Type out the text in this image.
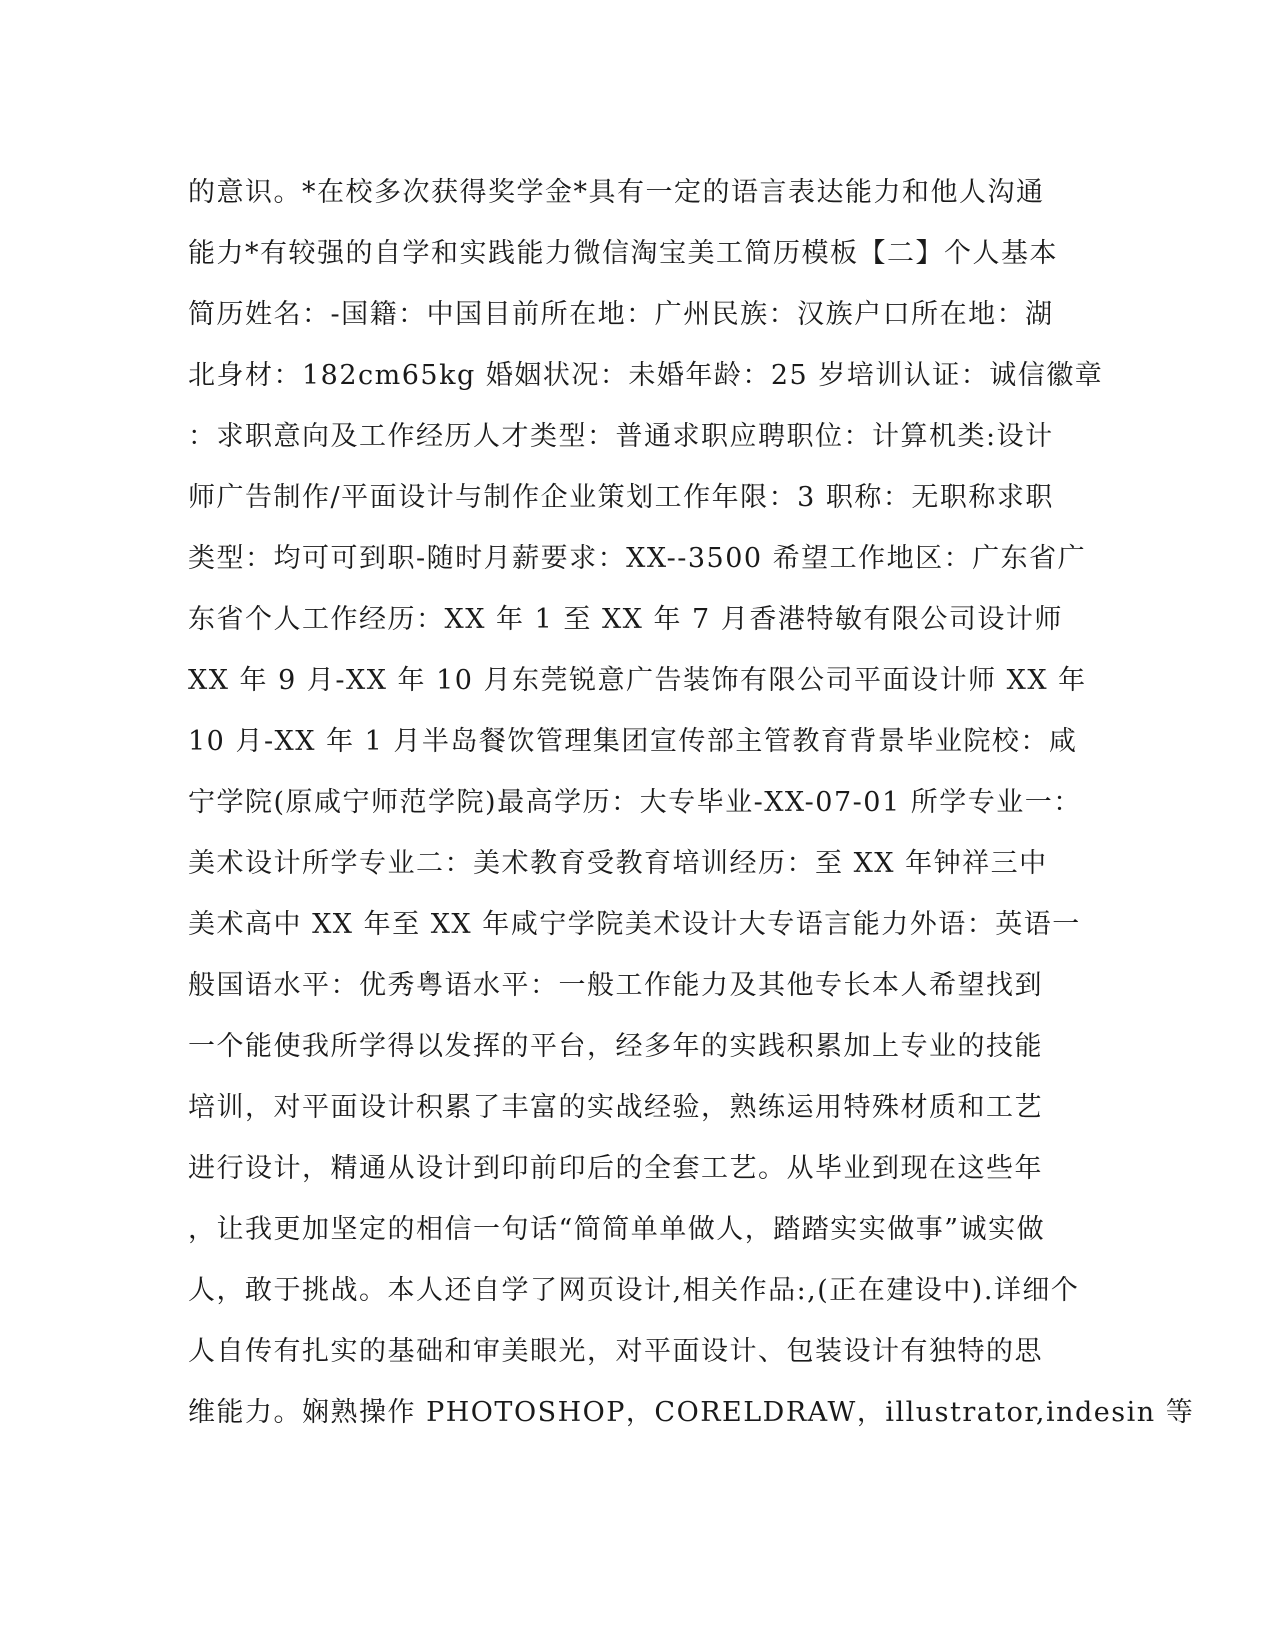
的意识。*在校多次获得奖学金*具有一定的语言表达能力和他人沟通
能力*有较强的自学和实践能力微信淘宝美工简历模板【二】个人基本
简历姓名：-国籍：中国目前所在地：广州民族：汉族户口所在地：湖
北身材：182cm65kg 婚姻状况：未婚年龄：25 岁培训认证：诚信徽章
：求职意向及工作经历人才类型：普通求职应聘职位：计算机类:设计
师广告制作/平面设计与制作企业策划工作年限：3 职称：无职称求职
类型：均可可到职-随时月薪要求：XX--3500 希望工作地区：广东省广
东省个人工作经历：XX 年 1 至 XX 年 7 月香港特敏有限公司设计师
XX 年 9 月-XX 年 10 月东莞锐意广告装饰有限公司平面设计师 XX 年
10 月-XX 年 1 月半岛餐饮管理集团宣传部主管教育背景毕业院校：咸
宁学院(原咸宁师范学院)最高学历：大专毕业-XX-07-01 所学专业一：
美术设计所学专业二：美术教育受教育培训经历：至 XX 年钟祥三中
美术高中 XX 年至 XX 年咸宁学院美术设计大专语言能力外语：英语一
般国语水平：优秀粤语水平：一般工作能力及其他专长本人希望找到
一个能使我所学得以发挥的平台，经多年的实践积累加上专业的技能
培训，对平面设计积累了丰富的实战经验，熟练运用特殊材质和工艺
进行设计，精通从设计到印前印后的全套工艺。从毕业到现在这些年
，让我更加坚定的相信一句话“简简单单做人，踏踏实实做事”诚实做
人，敢于挑战。本人还自学了网页设计,相关作品:,(正在建设中).详细个
人自传有扎实的基础和审美眼光，对平面设计、包装设计有独特的思
维能力。娴熟操作 PHOTOSHOP，CORELDRAW，illustrator,indesin 等
